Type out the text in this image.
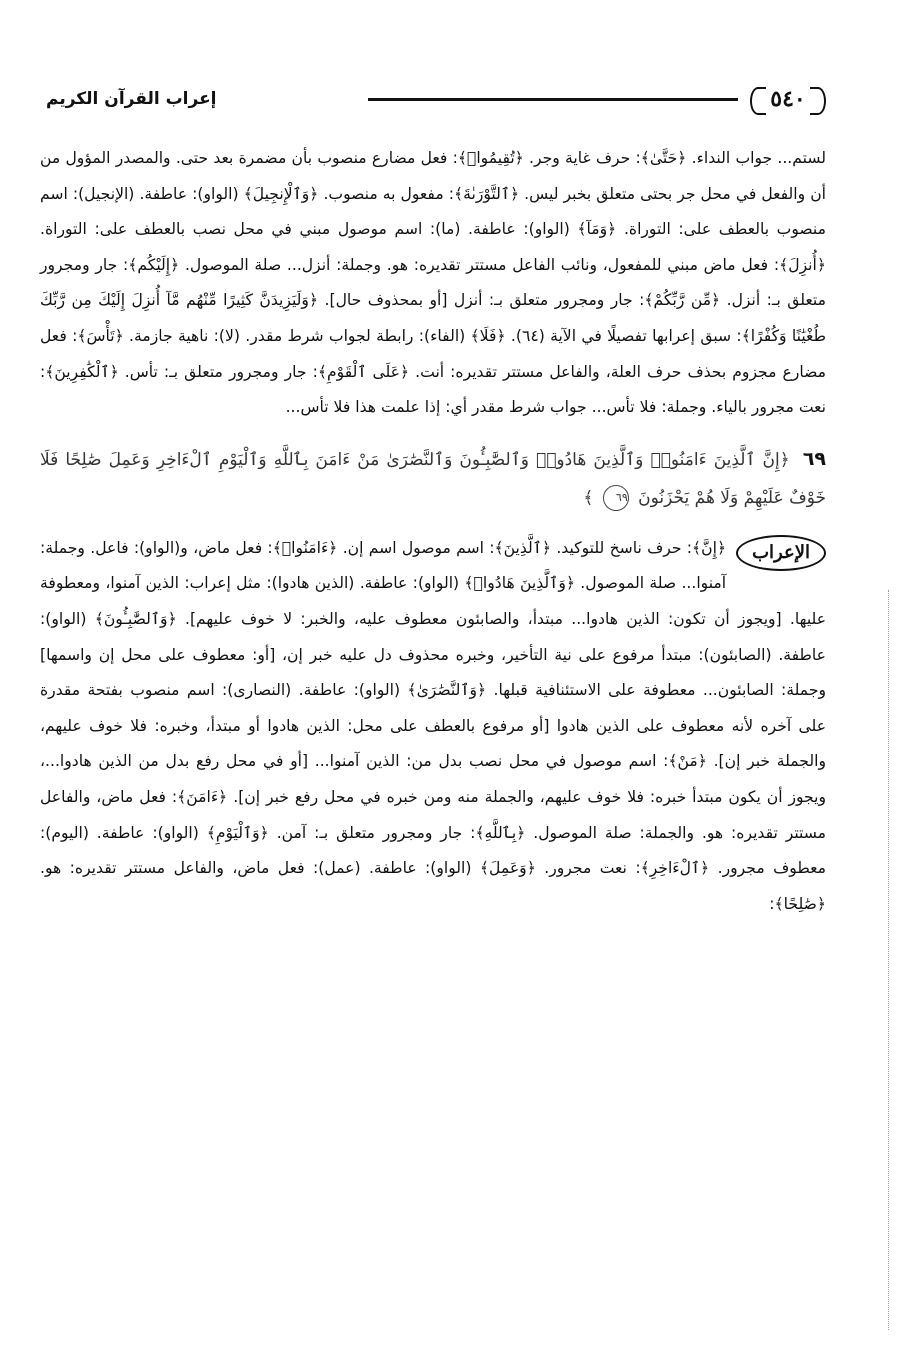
٥٤٠
إعراب القرآن الكريم

لستم... جواب النداء. ﴿حَتَّىٰ﴾: حرف غاية وجر. ﴿تُقِيمُوا۟﴾: فعل مضارع منصوب بأن مضمرة بعد حتى. والمصدر المؤول من أن والفعل في محل جر بحتى متعلق بخبر ليس. ﴿ٱلتَّوْرَىٰةَ﴾: مفعول به منصوب. ﴿وَٱلْإِنجِيلَ﴾ (الواو): عاطفة. (الإنجيل): اسم منصوب بالعطف على: التوراة. ﴿وَمَآ﴾ (الواو): عاطفة. (ما): اسم موصول مبني في محل نصب بالعطف على: التوراة. ﴿أُنزِلَ﴾: فعل ماض مبني للمفعول، ونائب الفاعل مستتر تقديره: هو. وجملة: أنزل... صلة الموصول. ﴿إِلَيْكُم﴾: جار ومجرور متعلق بـ: أنزل. ﴿مِّن رَّبِّكُمْ﴾: جار ومجرور متعلق بـ: أنزل [أو بمحذوف حال]. ﴿وَلَيَزِيدَنَّ كَثِيرًا مِّنْهُم مَّآ أُنزِلَ إِلَيْكَ مِن رَّبِّكَ طُغْيَٰنًا وَكُفْرًا﴾: سبق إعرابها تفصيلًا في الآية (٦٤). ﴿فَلَا﴾ (الفاء): رابطة لجواب شرط مقدر. (لا): ناهية جازمة. ﴿تَأْسَ﴾: فعل مضارع مجزوم بحذف حرف العلة، والفاعل مستتر تقديره: أنت. ﴿عَلَى ٱلْقَوْمِ﴾: جار ومجرور متعلق بـ: تأس. ﴿ٱلْكَٰفِرِينَ﴾: نعت مجرور بالياء. وجملة: فلا تأس... جواب شرط مقدر أي: إذا علمت هذا فلا تأس...

٦٩ ﴿إِنَّ ٱلَّذِينَ ءَامَنُوا۟ وَٱلَّذِينَ هَادُوا۟ وَٱلصَّٰبِـُٔونَ وَٱلنَّصَٰرَىٰ مَنْ ءَامَنَ بِٱللَّهِ وَٱلْيَوْمِ ٱلْءَاخِرِ وَعَمِلَ صَٰلِحًا فَلَا خَوْفٌ عَلَيْهِمْ وَلَا هُمْ يَحْزَنُونَ ٦٩ ﴾

الإعراب

﴿إِنَّ﴾: حرف ناسخ للتوكيد. ﴿ٱلَّذِينَ﴾: اسم موصول اسم إن. ﴿ءَامَنُوا۟﴾: فعل ماض، و(الواو): فاعل. وجملة: آمنوا... صلة الموصول. ﴿وَٱلَّذِينَ هَادُوا۟﴾ (الواو): عاطفة. (الذين هادوا): مثل إعراب: الذين آمنوا، ومعطوفة عليها. [ويجوز أن تكون: الذين هادوا... مبتدأ، والصابئون معطوف عليه، والخبر: لا خوف عليهم]. ﴿وَٱلصَّٰبِـُٔونَ﴾ (الواو): عاطفة. (الصابئون): مبتدأ مرفوع على نية التأخير، وخبره محذوف دل عليه خبر إن، [أو: معطوف على محل إن واسمها] وجملة: الصابئون... معطوفة على الاستئنافية قبلها. ﴿وَٱلنَّصَٰرَىٰ﴾ (الواو): عاطفة. (النصارى): اسم منصوب بفتحة مقدرة على آخره لأنه معطوف على الذين هادوا [أو مرفوع بالعطف على محل: الذين هادوا أو مبتدأ، وخبره: فلا خوف عليهم، والجملة خبر إن]. ﴿مَنْ﴾: اسم موصول في محل نصب بدل من: الذين آمنوا... [أو في محل رفع بدل من الذين هادوا...، ويجوز أن يكون مبتدأ خبره: فلا خوف عليهم، والجملة منه ومن خبره في محل رفع خبر إن]. ﴿ءَامَنَ﴾: فعل ماض، والفاعل مستتر تقديره: هو. والجملة: صلة الموصول. ﴿بِٱللَّهِ﴾: جار ومجرور متعلق بـ: آمن. ﴿وَٱلْيَوْمِ﴾ (الواو): عاطفة. (اليوم): معطوف مجرور. ﴿ٱلْءَاخِرِ﴾: نعت مجرور. ﴿وَعَمِلَ﴾ (الواو): عاطفة. (عمل): فعل ماض، والفاعل مستتر تقديره: هو. ﴿صَٰلِحًا﴾:
